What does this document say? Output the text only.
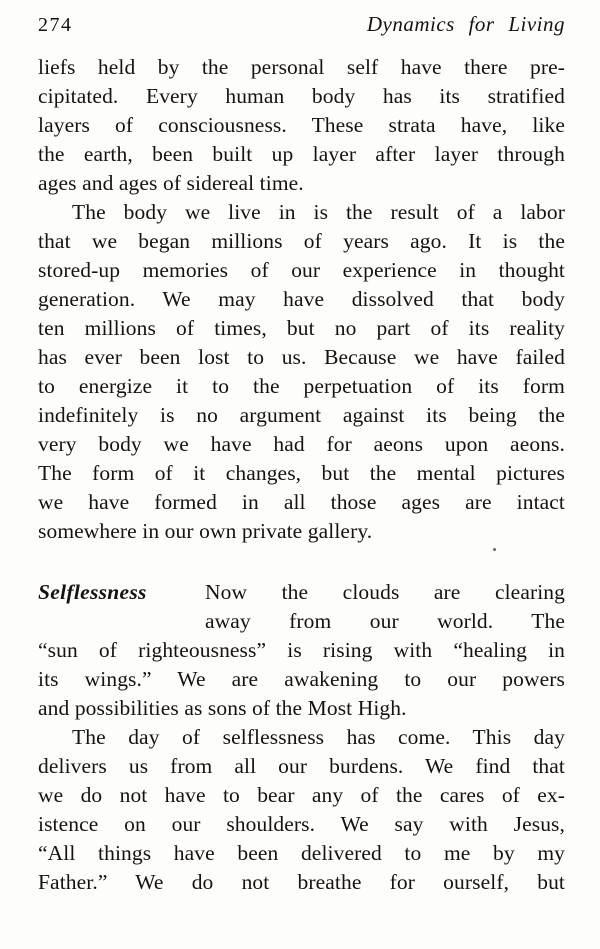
274	Dynamics for Living
liefs held by the personal self have there pre-
cipitated. Every human body has its stratified
layers of consciousness. These strata have, like
the earth, been built up layer after layer through
ages and ages of sidereal time.
The body we live in is the result of a labor
that we began millions of years ago. It is the
stored-up memories of our experience in thought
generation. We may have dissolved that body
ten millions of times, but no part of its reality
has ever been lost to us. Because we have failed
to energize it to the perpetuation of its form
indefinitely is no argument against its being the
very body we have had for aeons upon aeons.
The form of it changes, but the mental pictures
we have formed in all those ages are intact
somewhere in our own private gallery.
Selflessness	Now the clouds are clearing
away from our world. The
“sun of righteousness” is rising with “healing in
its wings.” We are awakening to our powers
and possibilities as sons of the Most High.
The day of selflessness has come. This day
delivers us from all our burdens. We find that
we do not have to bear any of the cares of ex-
istence on our shoulders. We say with Jesus,
“All things have been delivered to me by my
Father.” We do not breathe for ourself, but
